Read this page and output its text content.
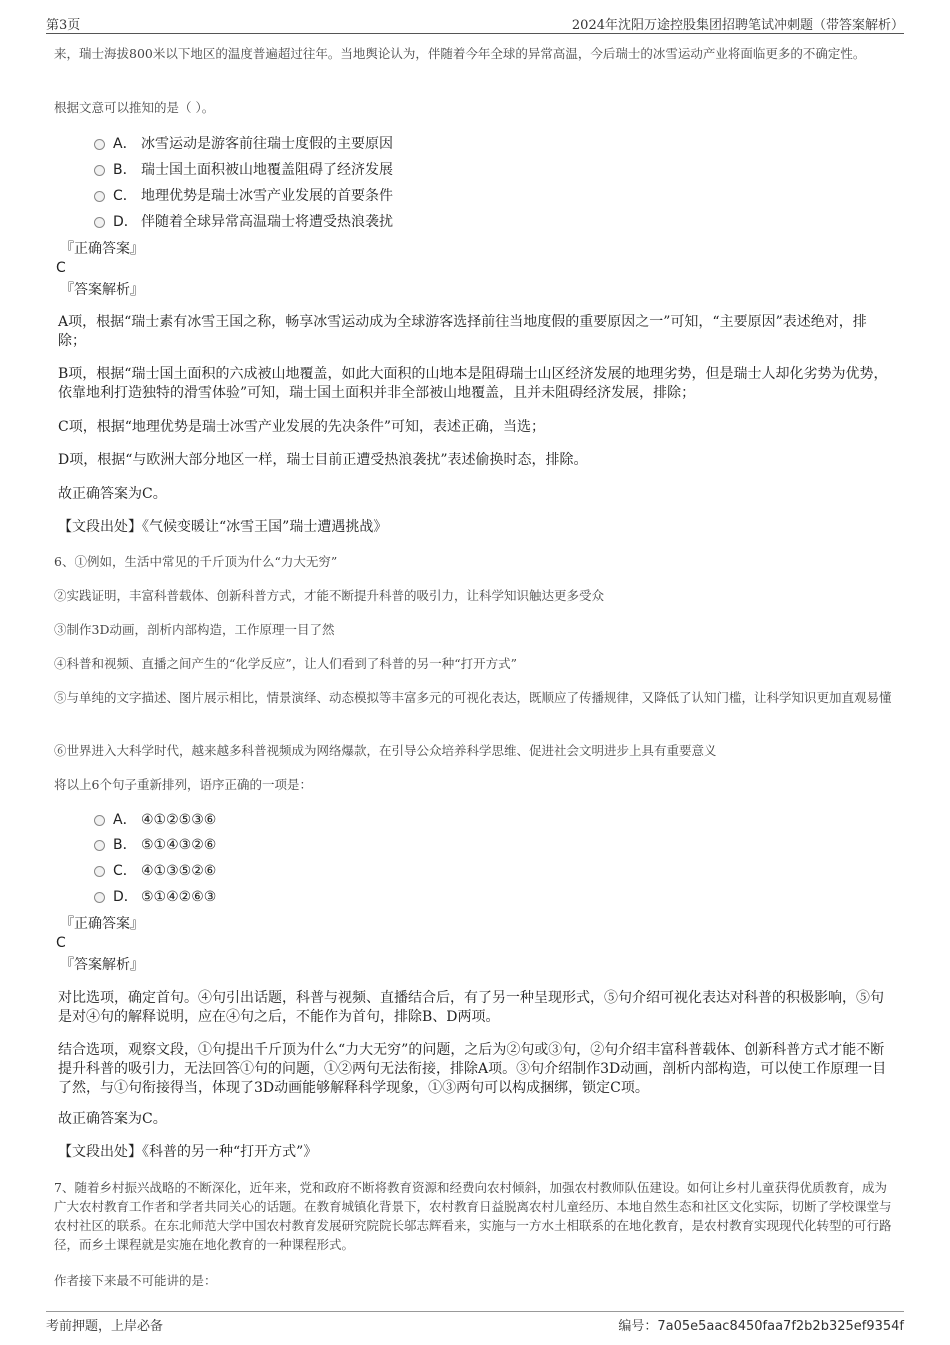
第3页	2024年沈阳万途控股集团招聘笔试冲刺题（带答案解析）
来，瑞士海拔800米以下地区的温度普遍超过往年。当地舆论认为，伴随着今年全球的异常高温，今后瑞士的冰雪运动产业将面临更多的不确定性。
根据文意可以推知的是（ ）。
A． 冰雪运动是游客前往瑞士度假的主要原因
B． 瑞士国土面积被山地覆盖阻碍了经济发展
C． 地理优势是瑞士冰雪产业发展的首要条件
D． 伴随着全球异常高温瑞士将遭受热浪袭扰
『正确答案』
C
『答案解析』
A项，根据“瑞士素有冰雪王国之称，畅享冰雪运动成为全球游客选择前往当地度假的重要原因之一”可知，“主要原因”表述绝对，排除；
B项，根据“瑞士国土面积的六成被山地覆盖，如此大面积的山地本是阻碍瑞士山区经济发展的地理劣势，但是瑞士人却化劣势为优势，依靠地利打造独特的滑雪体验”可知，瑞士国土面积并非全部被山地覆盖，且并未阻碍经济发展，排除；
C项，根据“地理优势是瑞士冰雪产业发展的先决条件”可知，表述正确，当选；
D项，根据“与欧洲大部分地区一样，瑞士目前正遭受热浪袭扰”表述偷换时态，排除。
故正确答案为C。
【文段出处】《气候变暖让“冰雪王国”瑞士遭遇挑战》
6、①例如，生活中常见的千斤顶为什么“力大无穷”
②实践证明，丰富科普载体、创新科普方式，才能不断提升科普的吸引力，让科学知识触达更多受众
③制作3D动画，剖析内部构造，工作原理一目了然
④科普和视频、直播之间产生的“化学反应”，让人们看到了科普的另一种“打开方式”
⑤与单纯的文字描述、图片展示相比，情景演绎、动态模拟等丰富多元的可视化表达，既顺应了传播规律，又降低了认知门槛，让科学知识更加直观易懂
⑥世界进入大科学时代，越来越多科普视频成为网络爆款，在引导公众培养科学思维、促进社会文明进步上具有重要意义
将以上6个句子重新排列，语序正确的一项是：
A． ④①②⑤③⑥
B． ⑤①④③②⑥
C． ④①③⑤②⑥
D． ⑤①④②⑥③
『正确答案』
C
『答案解析』
对比选项，确定首句。④句引出话题，科普与视频、直播结合后，有了另一种呈现形式，⑤句介绍可视化表达对科普的积极影响，⑤句是对④句的解释说明，应在④句之后，不能作为首句，排除B、D两项。
结合选项，观察文段，①句提出千斤顶为什么“力大无穷”的问题，之后为②句或③句，②句介绍丰富科普载体、创新科普方式才能不断提升科普的吸引力，无法回答①句的问题，①②两句无法衔接，排除A项。③句介绍制作3D动画，剖析内部构造，可以使工作原理一目了然，与①句衔接得当，体现了3D动画能够解释科学现象，①③两句可以构成捆绑，锁定C项。
故正确答案为C。
【文段出处】《科普的另一种“打开方式”》
7、随着乡村振兴战略的不断深化，近年来，党和政府不断将教育资源和经费向农村倾斜，加强农村教师队伍建设。如何让乡村儿童获得优质教育，成为广大农村教育工作者和学者共同关心的话题。在教育城镇化背景下，农村教育日益脱离农村儿童经历、本地自然生态和社区文化实际，切断了学校课堂与农村社区的联系。在东北师范大学中国农村教育发展研究院院长邬志辉看来，实施与一方水土相联系的在地化教育，是农村教育实现现代化转型的可行路径，而乡土课程就是实施在地化教育的一种课程形式。
作者接下来最不可能讲的是：
考前押题，上岸必备	编号：7a05e5aac8450faa7f2b2b325ef9354f
